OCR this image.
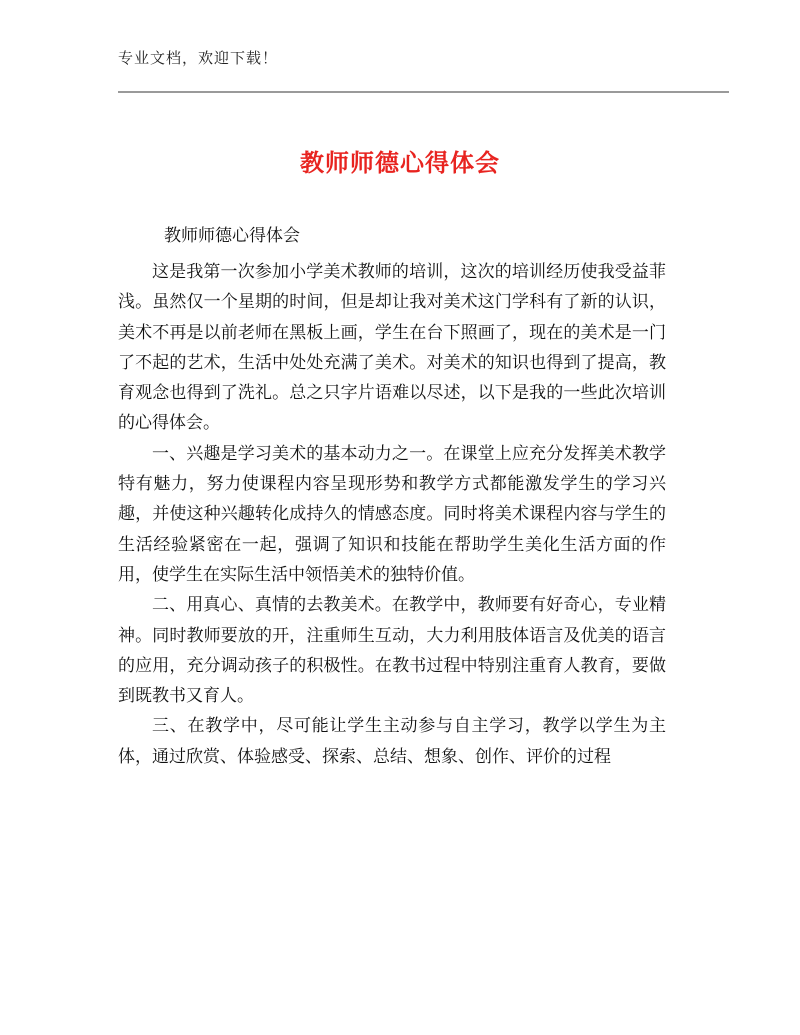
专业文档，欢迎下载！
教师师德心得体会
教师师德心得体会

这是我第一次参加小学美术教师的培训，这次的培训经历使我受益菲浅。虽然仅一个星期的时间，但是却让我对美术这门学科有了新的认识，美术不再是以前老师在黑板上画，学生在台下照画了，现在的美术是一门了不起的艺术，生活中处处充满了美术。对美术的知识也得到了提高，教育观念也得到了洗礼。总之只字片语难以尽述，以下是我的一些此次培训的心得体会。

一、兴趣是学习美术的基本动力之一。在课堂上应充分发挥美术教学特有魅力，努力使课程内容呈现形势和教学方式都能激发学生的学习兴趣，并使这种兴趣转化成持久的情感态度。同时将美术课程内容与学生的生活经验紧密在一起，强调了知识和技能在帮助学生美化生活方面的作用，使学生在实际生活中领悟美术的独特价值。

二、用真心、真情的去教美术。在教学中，教师要有好奇心，专业精神。同时教师要放的开，注重师生互动，大力利用肢体语言及优美的语言的应用，充分调动孩子的积极性。在教书过程中特别注重育人教育，要做到既教书又育人。

三、在教学中，尽可能让学生主动参与自主学习，教学以学生为主体，通过欣赏、体验感受、探索、总结、想象、创作、评价的过程
